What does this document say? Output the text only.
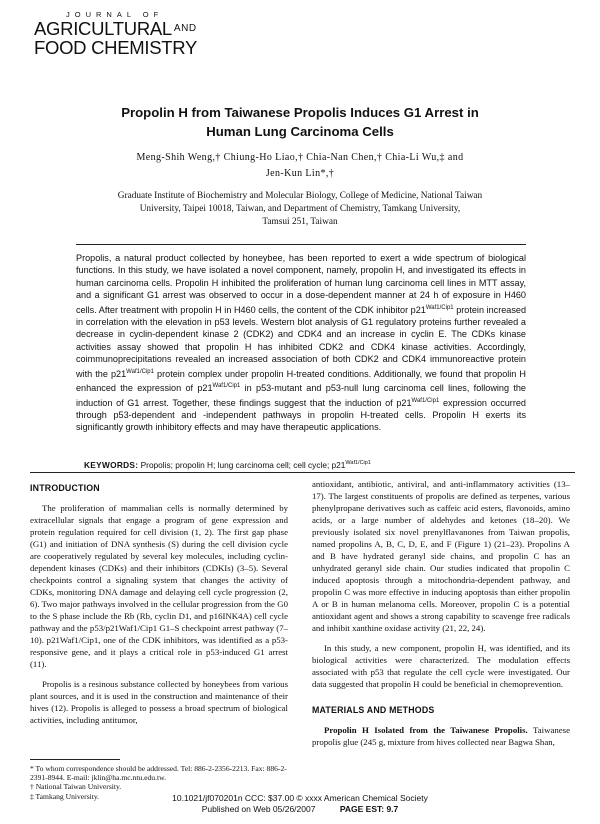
JOURNAL OF
AGRICULTURAL $^{AND}$
FOOD CHEMISTRY
Propolin H from Taiwanese Propolis Induces G1 Arrest in
Human Lung Carcinoma Cells
Meng-Shih Weng,† Chiung-Ho Liao,† Chia-Nan Chen,† Chia-Li Wu,‡ and
Jen-Kun Lin*,†
Graduate Institute of Biochemistry and Molecular Biology, College of Medicine, National Taiwan
University, Taipei 10018, Taiwan, and Department of Chemistry, Tamkang University,
Tamsui 251, Taiwan
Propolis, a natural product collected by honeybee, has been reported to exert a wide spectrum of biological functions. In this study, we have isolated a novel component, namely, propolin H, and investigated its effects in human carcinoma cells. Propolin H inhibited the proliferation of human lung carcinoma cell lines in MTT assay, and a significant G1 arrest was observed to occur in a dose-dependent manner at 24 h of exposure in H460 cells. After treatment with propolin H in H460 cells, the content of the CDK inhibitor $p21^{Waf1/Cip1}$ protein increased in correlation with the elevation in p53 levels. Western blot analysis of G1 regulatory proteins further revealed a decrease in cyclin-dependent kinase 2 (CDK2) and CDK4 and an increase in cyclin E. The CDKs kinase activities assay showed that propolin H has inhibited CDK2 and CDK4 kinase activities. Accordingly, coimmunoprecipitations revealed an increased association of both CDK2 and CDK4 immunoreactive protein with the $p21^{Waf1/Cip1}$ protein complex under propolin H-treated conditions. Additionally, we found that propolin H enhanced the expression of $p21^{Waf1/Cip1}$ in p53-mutant and p53-null lung carcinoma cell lines, following the induction of G1 arrest. Together, these findings suggest that the induction of $p21^{Waf1/Cip1}$ expression occurred through p53-dependent and -independent pathways in propolin H-treated cells. Propolin H exerts its significantly growth inhibitory effects and may have therapeutic applications.
KEYWORDS: Propolis; propolin H; lung carcinoma cell; cell cycle; $p21^{Waf1/Cip1}$
INTRODUCTION

The proliferation of mammalian cells is normally determined by extracellular signals that engage a program of gene expression and protein regulation required for cell division (1, 2). The first gap phase (G1) and initiation of DNA synthesis (S) during the cell division cycle are cooperatively regulated by several key molecules, including cyclin-dependent kinases (CDKs) and their inhibitors (CDKIs) (3–5). Several checkpoints control a signaling system that changes the activity of CDKs, monitoring DNA damage and delaying cell cycle progression (2, 6). Two major pathways involved in the cellular progression from the G0 to the S phase include the Rb (Rb, cyclin D1, and p16INK4A) cell cycle pathway and the p53/p21Waf1/Cip1 G1–S checkpoint arrest pathway (7–10). p21Waf1/Cip1, one of the CDK inhibitors, was identified as a p53-responsive gene, and it plays a critical role in p53-induced G1 arrest (11).

Propolis is a resinous substance collected by honeybees from various plant sources, and it is used in the construction and maintenance of their hives (12). Propolis is alleged to possess a broad spectrum of biological activities, including antitumor,

antioxidant, antibiotic, antiviral, and anti-inflammatory activities (13–17). The largest constituents of propolis are defined as terpenes, various phenylpropane derivatives such as caffeic acid esters, flavonoids, amino acids, or a large number of aldehydes and ketones (18–20). We previously isolated six novel prenylflavanones from Taiwan propolis, named propolins A, B, C, D, E, and F (Figure 1) (21–23). Propolins A and B have hydrated geranyl side chains, and propolin C has an unhydrated geranyl side chain. Our studies indicated that propolin C induced apoptosis through a mitochondria-dependent pathway, and propolin C was more effective in inducing apoptosis than either propolin A or B in human melanoma cells. Moreover, propolin C is a potential antioxidant agent and shows a strong capability to scavenge free radicals and inhibit xanthine oxidase activity (21, 22, 24).

In this study, a new component, propolin H, was identified, and its biological activities were characterized. The modulation effects associated with p53 that regulate the cell cycle were investigated. Our data suggested that propolin H could be beneficial in chemoprevention.

MATERIALS AND METHODS

Propolin H Isolated from the Taiwanese Propolis. Taiwanese propolis glue (245 g, mixture from hives collected near Bagwa Shan,

* To whom correspondence should be addressed. Tel: 886-2-2356-2213. Fax: 886-2-2391-8944. E-mail: jklin@ha.mc.ntu.edu.tw.
† National Taiwan University.
‡ Tamkang University.	10.1021/jf070201n CCC: $37.00 © xxxx American Chemical Society
Published on Web 05/26/2007	PAGE EST: 9.7
